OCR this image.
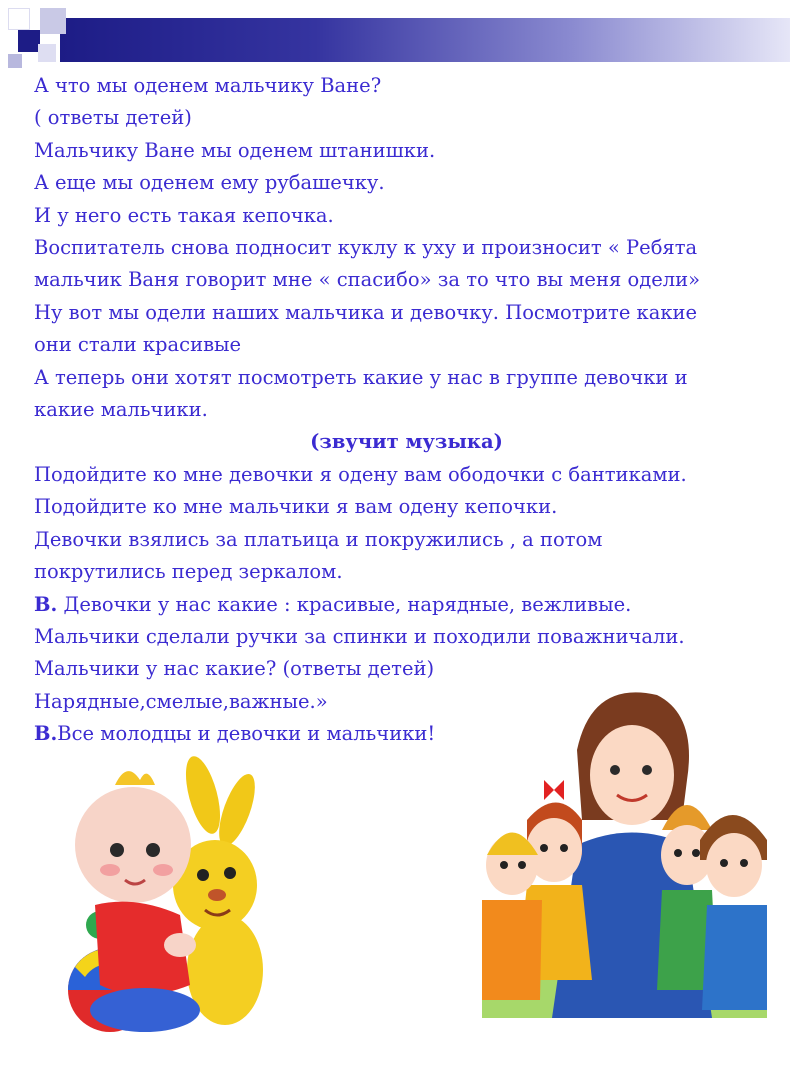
А что мы оденем мальчику Ване?
( ответы детей)
Мальчику Ване мы оденем штанишки.
А еще мы оденем ему рубашечку.
И у него есть такая кепочка.
Воспитатель снова подносит куклу к уху и произносит « Ребята
мальчик Ваня говорит мне « спасибо» за то что вы меня одели»
Ну вот мы одели наших мальчика и девочку. Посмотрите какие
они стали красивые
А теперь они хотят посмотреть какие у нас в группе девочки и
какие мальчики.
(звучит музыка)
Подойдите ко мне девочки я одену вам ободочки с бантиками.
Подойдите ко мне мальчики я вам одену кепочки.
Девочки взялись за платьица и покружились , а потом
покрутились перед зеркалом.
В. Девочки у нас какие : красивые, нарядные, вежливые.
Мальчики сделали ручки за спинки и походили поважничали.
Мальчики у нас какие? (ответы детей)
Нарядные,смелые,важные.»
В.Все молодцы и девочки и мальчики!
